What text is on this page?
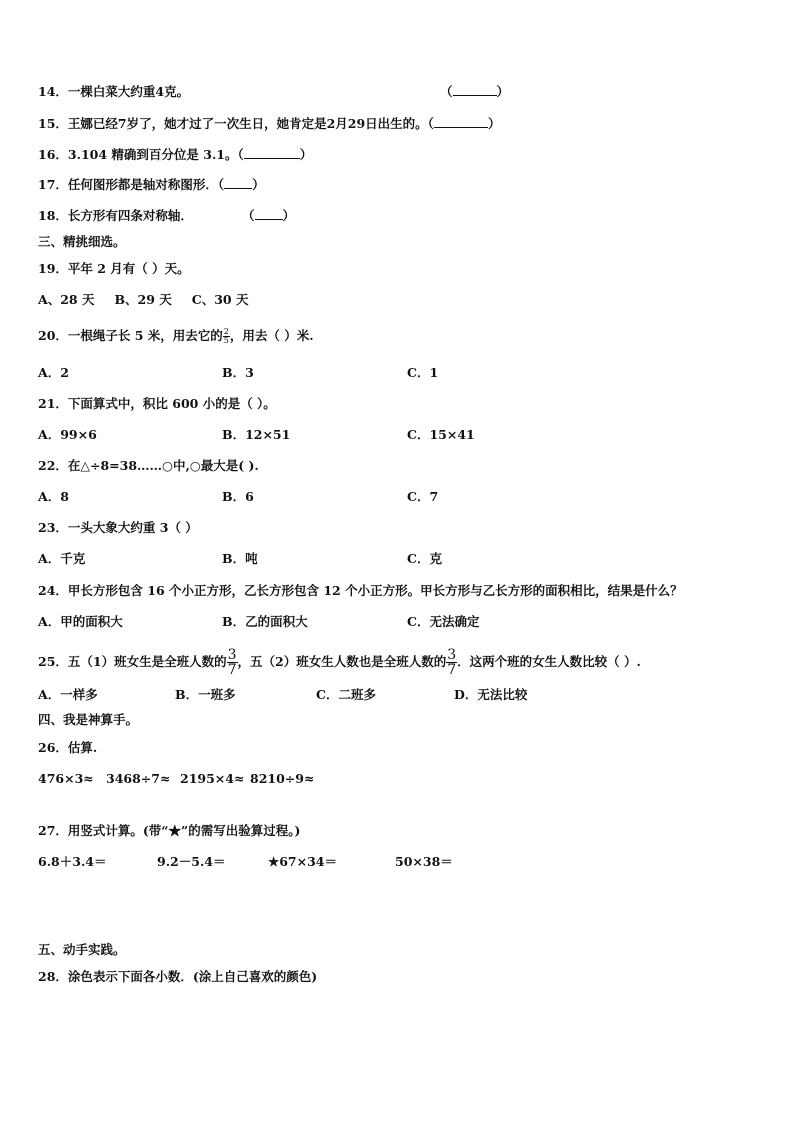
14．一棵白菜大约重4克。	（	）
15．王娜已经7岁了，她才过了一次生日，她肯定是2月29日出生的。（	）
16．3.104 精确到百分位是 3.1。（	）
17．任何图形都是轴对称图形．（ ）
18．长方形有四条对称轴．	（ ）
三、精挑细选。
19．平年 2 月有（ ）天。
A、28 天 B、29 天 C、30 天
20．一根绳子长 5 米，用去它的 $\frac{2}{5}$ ，用去（ ）米.
A．2	B．3	C．1
21．下面算式中，积比 600 小的是（ ）。
A．99×6	B．12×51	C．15×41
22．在△÷8=38……○中,○最大是( ).
A．8	B．6	C．7
23．一头大象大约重 3（ ）
A．千克	B．吨	C．克
24．甲长方形包含 16 个小正方形，乙长方形包含 12 个小正方形。甲长方形与乙长方形的面积相比，结果是什么？
A．甲的面积大	B．乙的面积大	C．无法确定
25．五（1）班女生是全班人数的 $\frac{3}{7}$ ，五（2）班女生人数也是全班人数的 $\frac{3}{7}$ ．这两个班的女生人数比较（ ）.
A．一样多	B．一班多	C．二班多	D．无法比较
四、我是神算手。
26．估算.
476×3≈ 3468÷7≈ 2195×4≈ 8210÷9≈
27．用竖式计算。(带“★”的需写出验算过程。)
6.8＋3.4＝	9.2－5.4＝	★67×34＝	50×38＝
五、动手实践。
28．涂色表示下面各小数．(涂上自己喜欢的颜色)
